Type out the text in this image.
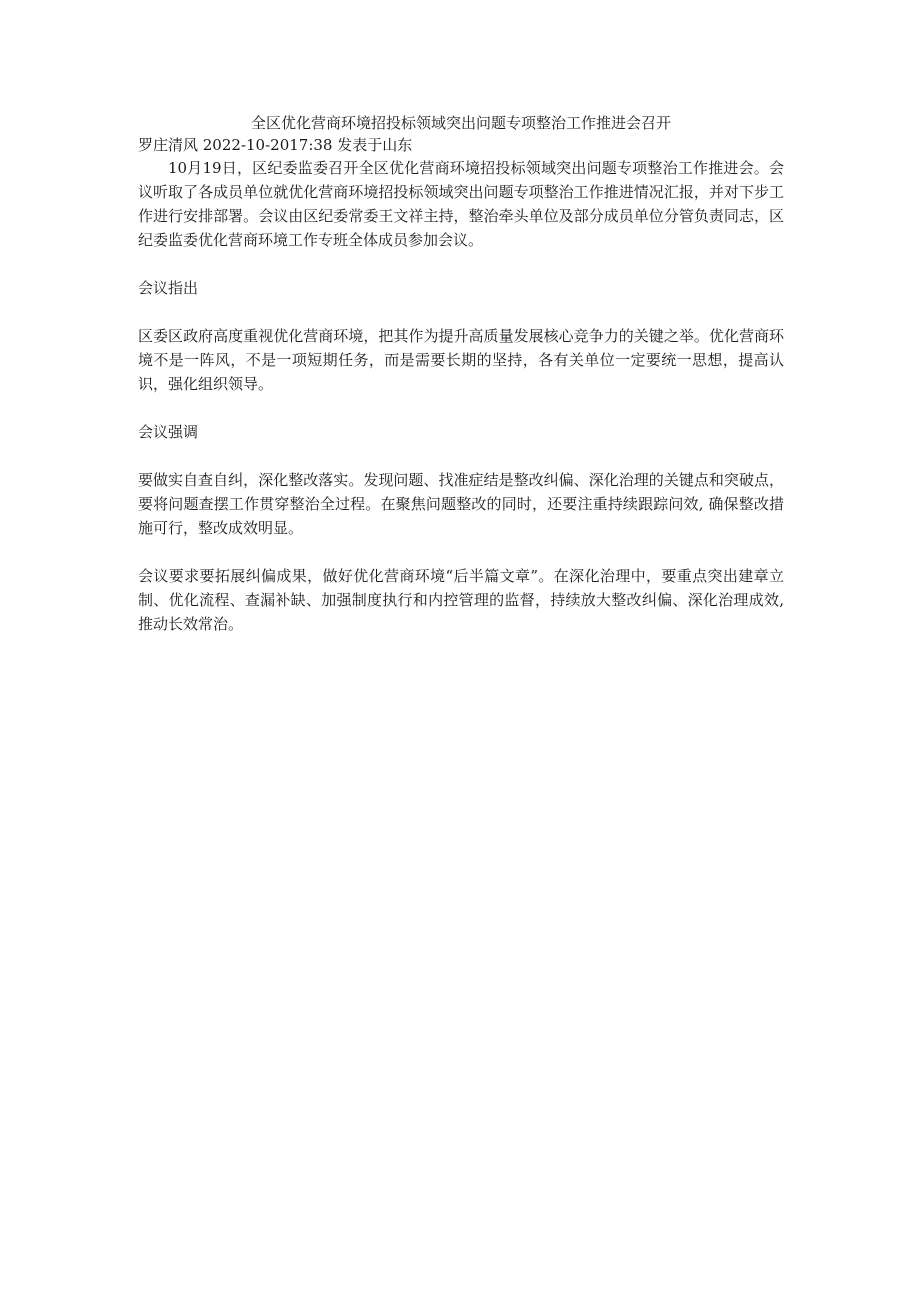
全区优化营商环境招投标领域突出问题专项整治工作推进会召开

罗庄清风 2022-10-2017:38 发表于山东

10月19日，区纪委监委召开全区优化营商环境招投标领域突出问题专项整治工作推进会。会议听取了各成员单位就优化营商环境招投标领域突出问题专项整治工作推进情况汇报，并对下步工作进行安排部署。会议由区纪委常委王文祥主持，整治牵头单位及部分成员单位分管负责同志，区纪委监委优化营商环境工作专班全体成员参加会议。

会议指出

区委区政府高度重视优化营商环境，把其作为提升高质量发展核心竞争力的关键之举。优化营商环境不是一阵风，不是一项短期任务，而是需要长期的坚持，各有关单位一定要统一思想，提高认识，强化组织领导。

会议强调

要做实自查自纠，深化整改落实。发现问题、找准症结是整改纠偏、深化治理的关键点和突破点，要将问题查摆工作贯穿整治全过程。在聚焦问题整改的同时，还要注重持续跟踪问效, 确保整改措施可行，整改成效明显。

会议要求要拓展纠偏成果，做好优化营商环境“后半篇文章”。在深化治理中，要重点突出建章立制、优化流程、查漏补缺、加强制度执行和内控管理的监督，持续放大整改纠偏、深化治理成效, 推动长效常治。
